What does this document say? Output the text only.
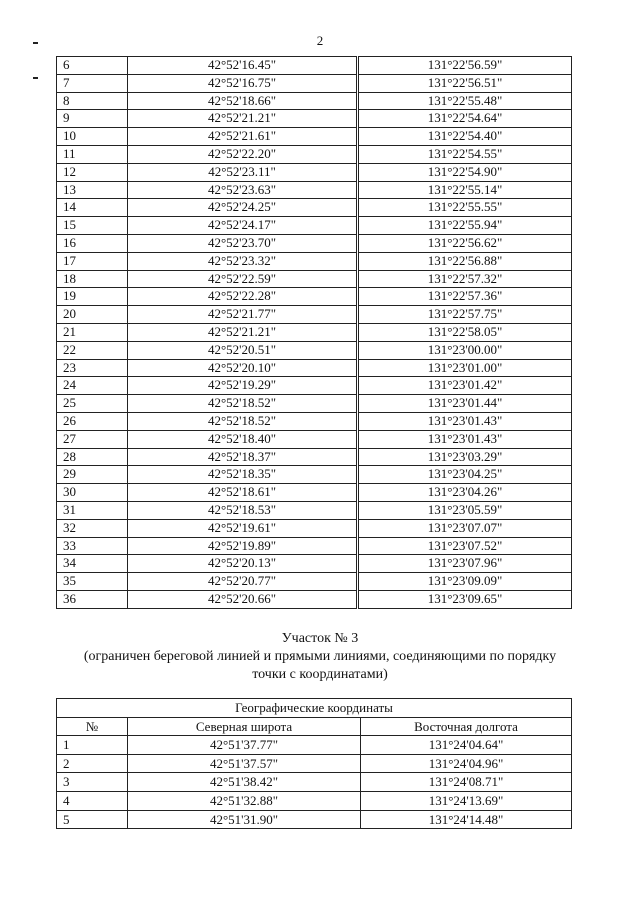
2
6	42°52'16.45"		131°22'56.59"
7	42°52'16.75"		131°22'56.51"
8	42°52'18.66"		131°22'55.48"
9	42°52'21.21"		131°22'54.64"
10	42°52'21.61"		131°22'54.40"
11	42°52'22.20"		131°22'54.55"
12	42°52'23.11"		131°22'54.90"
13	42°52'23.63"		131°22'55.14"
14	42°52'24.25"		131°22'55.55"
15	42°52'24.17"		131°22'55.94"
16	42°52'23.70"		131°22'56.62"
17	42°52'23.32"		131°22'56.88"
18	42°52'22.59"		131°22'57.32"
19	42°52'22.28"		131°22'57.36"
20	42°52'21.77"		131°22'57.75"
21	42°52'21.21"		131°22'58.05"
22	42°52'20.51"		131°23'00.00"
23	42°52'20.10"		131°23'01.00"
24	42°52'19.29"		131°23'01.42"
25	42°52'18.52"		131°23'01.44"
26	42°52'18.52"		131°23'01.43"
27	42°52'18.40"		131°23'01.43"
28	42°52'18.37"		131°23'03.29"
29	42°52'18.35"		131°23'04.25"
30	42°52'18.61"		131°23'04.26"
31	42°52'18.53"		131°23'05.59"
32	42°52'19.61"		131°23'07.07"
33	42°52'19.89"		131°23'07.52"
34	42°52'20.13"		131°23'07.96"
35	42°52'20.77"		131°23'09.09"
36	42°52'20.66"		131°23'09.65"
Участок № 3
(ограничен береговой линией и прямыми линиями, соединяющими по порядку
точки с координатами)
Географические координаты		
№	Северная широта	Восточная долгота
1	42°51'37.77"	131°24'04.64"
2	42°51'37.57"	131°24'04.96"
3	42°51'38.42"	131°24'08.71"
4	42°51'32.88"	131°24'13.69"
5	42°51'31.90"	131°24'14.48"
